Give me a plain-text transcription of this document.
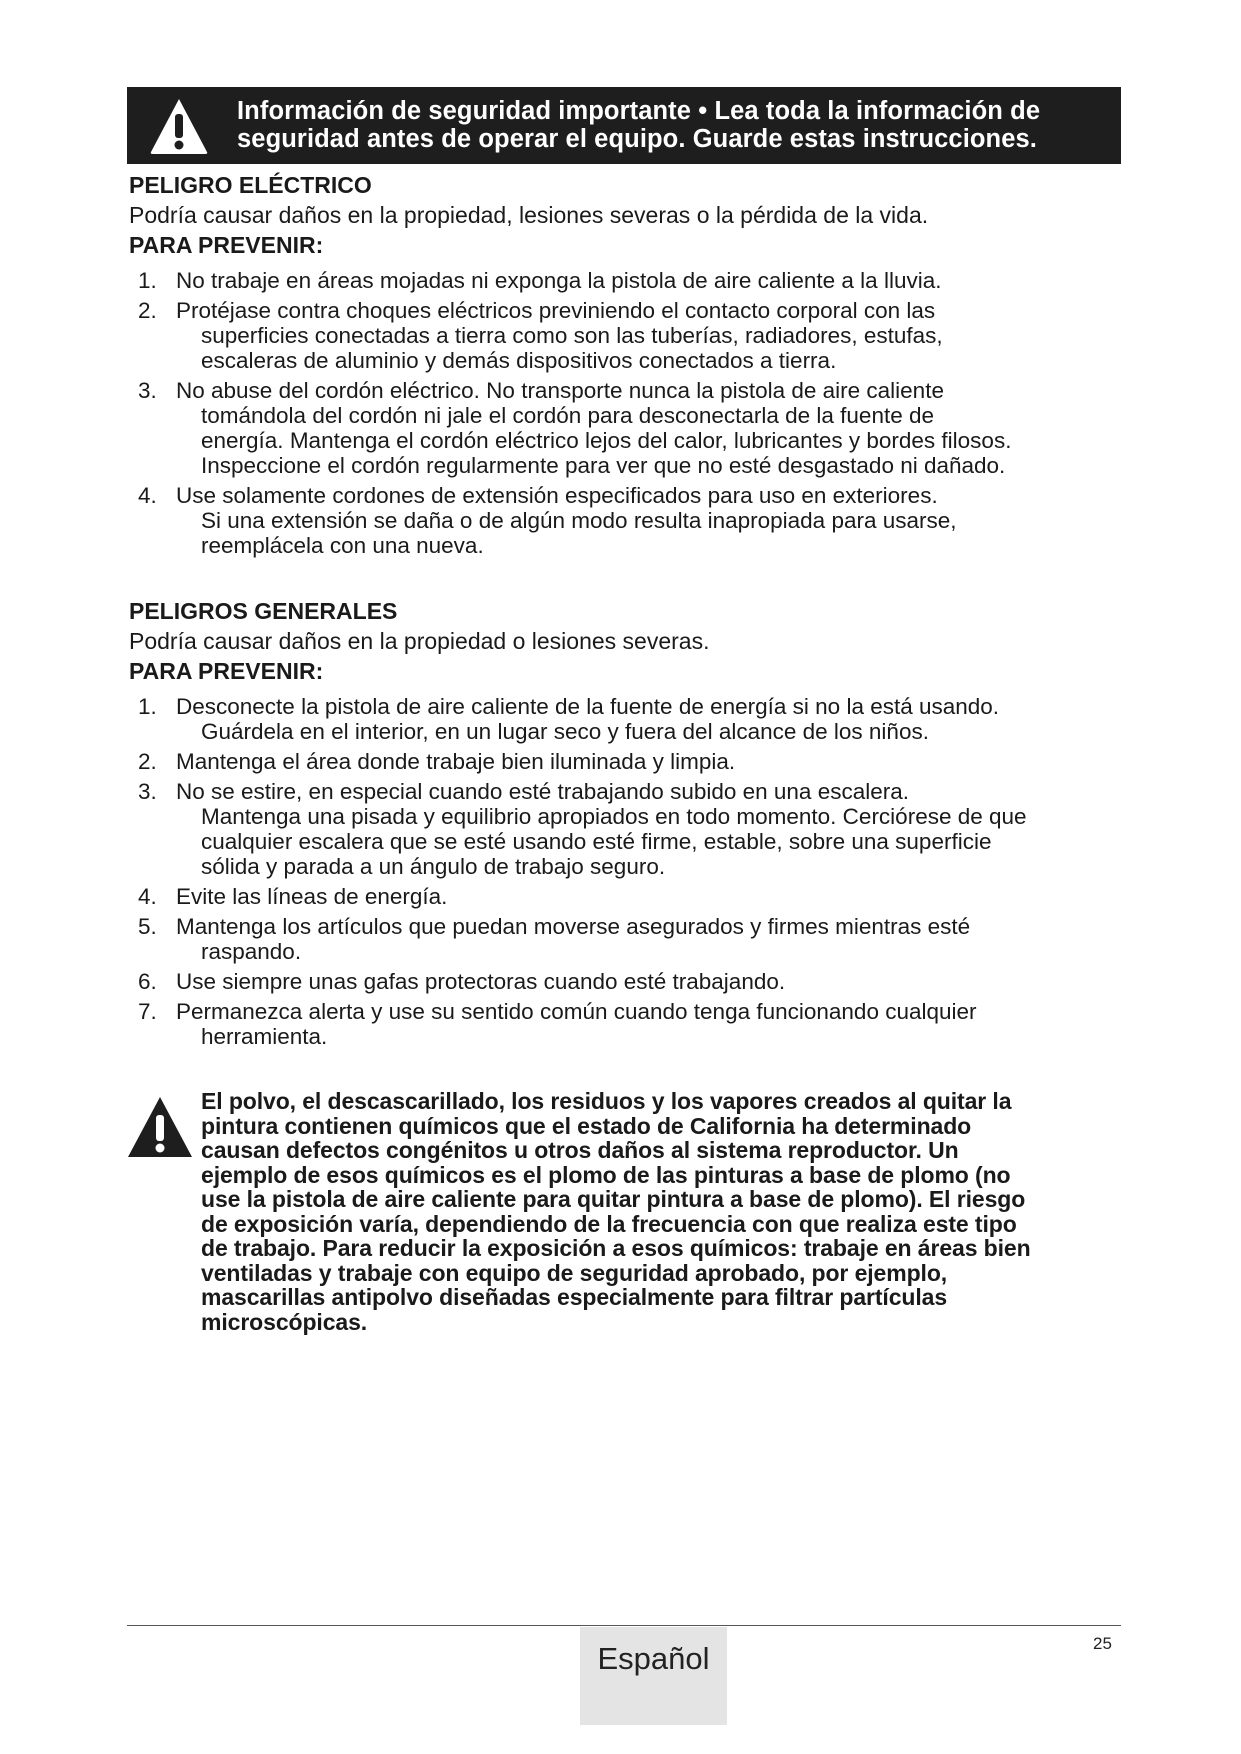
Información de seguridad importante • Lea toda la información de
seguridad antes de operar el equipo. Guarde estas instrucciones.
PELIGRO ELÉCTRICO
Podría causar daños en la propiedad, lesiones severas o la pérdida de la vida.
PARA PREVENIR:
1. No trabaje en áreas mojadas ni exponga la pistola de aire caliente a la lluvia.
2. Protéjase contra choques eléctricos previniendo el contacto corporal con las
superficies conectadas a tierra como son las tuberías, radiadores, estufas,
escaleras de aluminio y demás dispositivos conectados a tierra.
3. No abuse del cordón eléctrico. No transporte nunca la pistola de aire caliente
tomándola del cordón ni jale el cordón para desconectarla de la fuente de
energía. Mantenga el cordón eléctrico lejos del calor, lubricantes y bordes filosos.
Inspeccione el cordón regularmente para ver que no esté desgastado ni dañado.
4. Use solamente cordones de extensión especificados para uso en exteriores.
Si una extensión se daña o de algún modo resulta inapropiada para usarse,
reemplácela con una nueva.
PELIGROS GENERALES
Podría causar daños en la propiedad o lesiones severas.
PARA PREVENIR:
1. Desconecte la pistola de aire caliente de la fuente de energía si no la está usando.
Guárdela en el interior, en un lugar seco y fuera del alcance de los niños.
2. Mantenga el área donde trabaje bien iluminada y limpia.
3. No se estire, en especial cuando esté trabajando subido en una escalera.
Mantenga una pisada y equilibrio apropiados en todo momento. Cerciórese de que
cualquier escalera que se esté usando esté firme, estable, sobre una superficie
sólida y parada a un ángulo de trabajo seguro.
4. Evite las líneas de energía.
5. Mantenga los artículos que puedan moverse asegurados y firmes mientras esté
raspando.
6. Use siempre unas gafas protectoras cuando esté trabajando.
7. Permanezca alerta y use su sentido común cuando tenga funcionando cualquier
herramienta.
El polvo, el descascarillado, los residuos y los vapores creados al quitar la
pintura contienen químicos que el estado de California ha determinado
causan defectos congénitos u otros daños al sistema reproductor. Un
ejemplo de esos químicos es el plomo de las pinturas a base de plomo (no
use la pistola de aire caliente para quitar pintura a base de plomo). El riesgo
de exposición varía, dependiendo de la frecuencia con que realiza este tipo
de trabajo. Para reducir la exposición a esos químicos: trabaje en áreas bien
ventiladas y trabaje con equipo de seguridad aprobado, por ejemplo,
mascarillas antipolvo diseñadas especialmente para filtrar partículas
microscópicas.
Español	25
